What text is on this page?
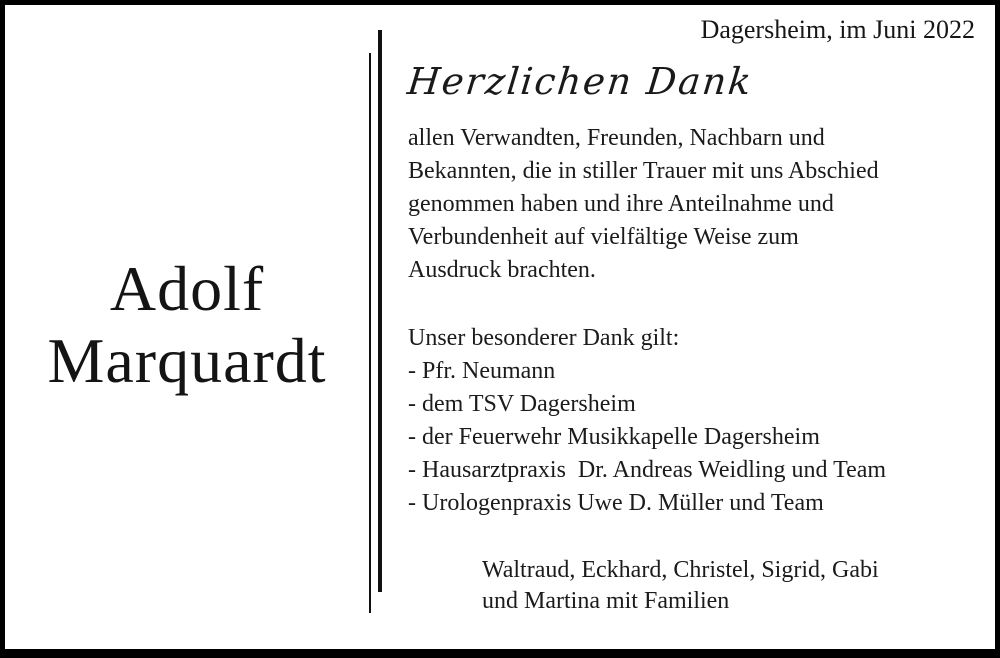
Adolf
Marquardt
Dagersheim, im Juni 2022
Herzlichen Dank
allen Verwandten, Freunden, Nachbarn und
Bekannten, die in stiller Trauer mit uns Abschied
genommen haben und ihre Anteilnahme und
Verbundenheit auf vielfältige Weise zum
Ausdruck brachten.
Unser besonderer Dank gilt:
- Pfr. Neumann
- dem TSV Dagersheim
- der Feuerwehr Musikkapelle Dagersheim
- Hausarztpraxis  Dr. Andreas Weidling und Team
- Urologenpraxis Uwe D. Müller und Team
Waltraud, Eckhard, Christel, Sigrid, Gabi
und Martina mit Familien
